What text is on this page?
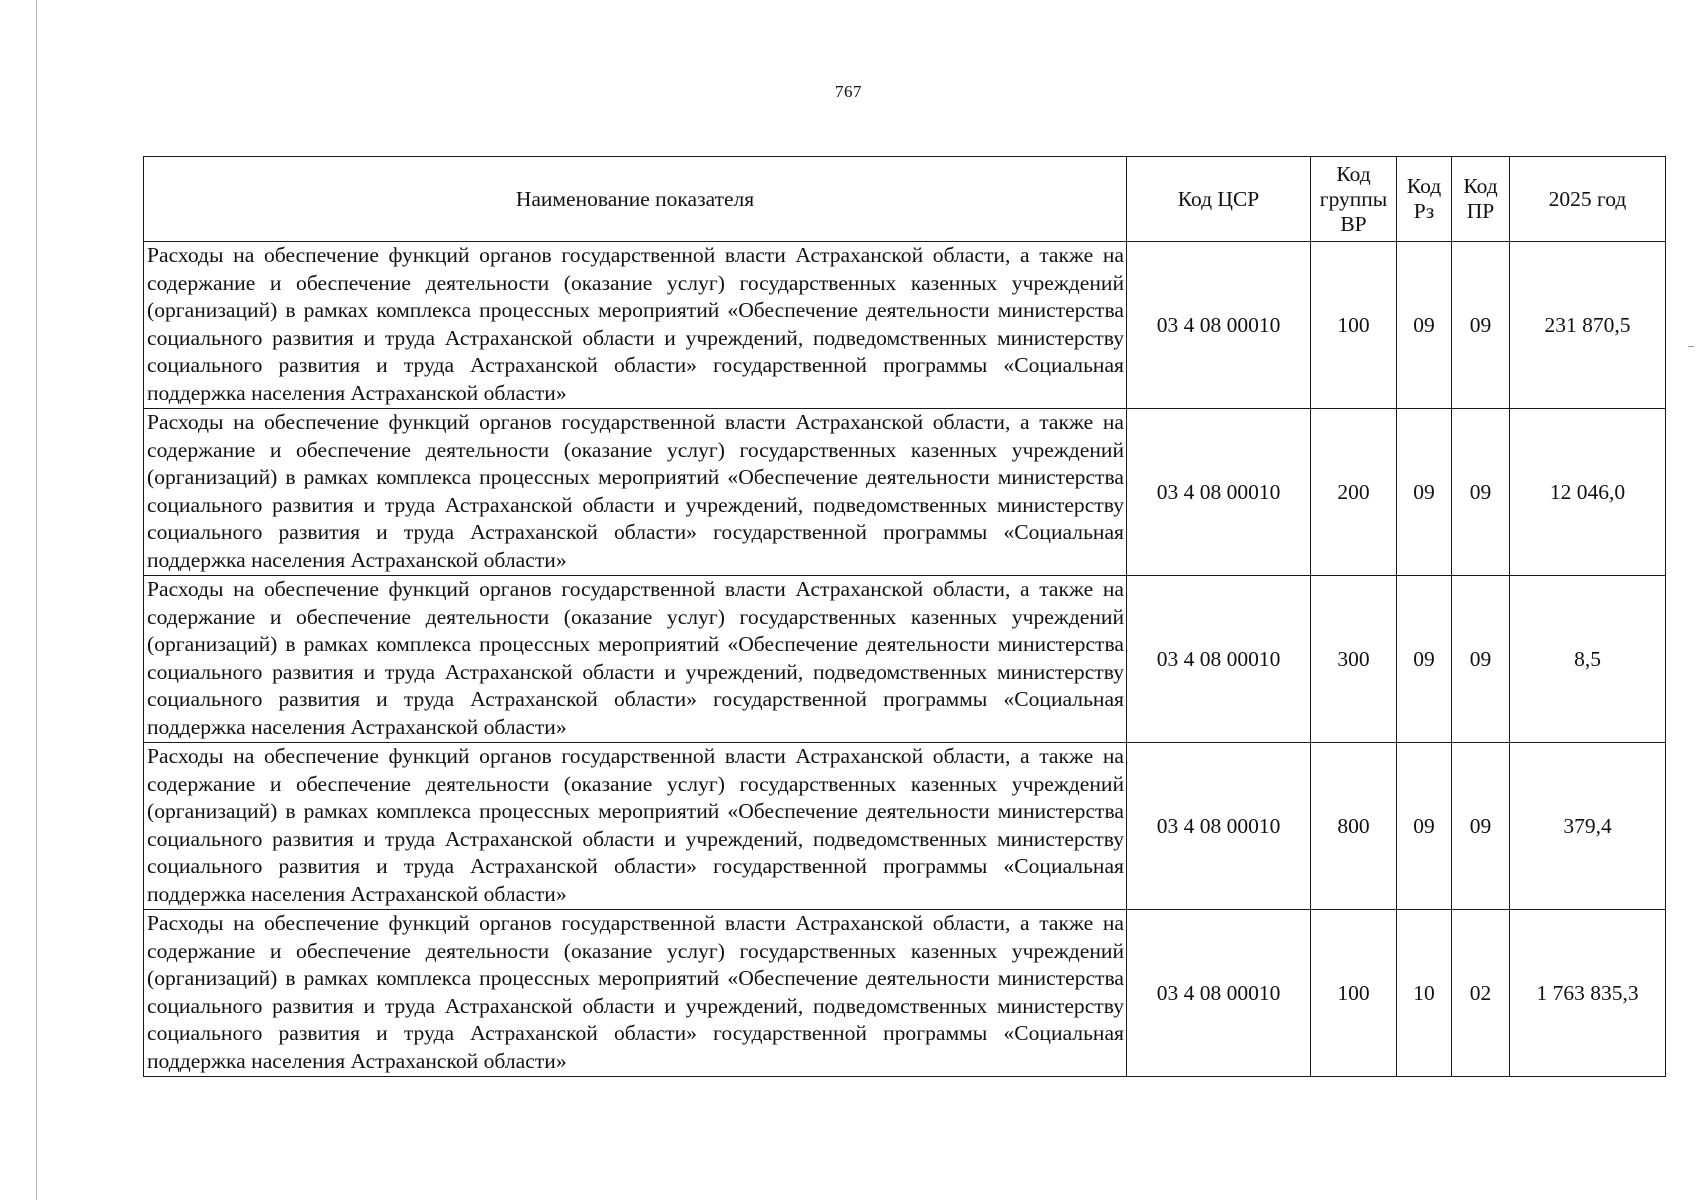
767
Наименование показателя	Код ЦСР	Код группы ВР	Код Рз	Код ПР	2025 год
Расходы на обеспечение функций органов государственной власти Астраханской области, а также на содержание и обеспечение деятельности (оказание услуг) государственных казенных учреждений (организаций) в рамках комплекса процессных мероприятий «Обеспечение деятельности министерства социального развития и труда Астраханской области и учреждений, подведомственных министерству социального развития и труда Астраханской области» государственной программы «Социальная поддержка населения Астраханской области»	03 4 08 00010	100	09	09	231 870,5
Расходы на обеспечение функций органов государственной власти Астраханской области, а также на содержание и обеспечение деятельности (оказание услуг) государственных казенных учреждений (организаций) в рамках комплекса процессных мероприятий «Обеспечение деятельности министерства социального развития и труда Астраханской области и учреждений, подведомственных министерству социального развития и труда Астраханской области» государственной программы «Социальная поддержка населения Астраханской области»	03 4 08 00010	200	09	09	12 046,0
Расходы на обеспечение функций органов государственной власти Астраханской области, а также на содержание и обеспечение деятельности (оказание услуг) государственных казенных учреждений (организаций) в рамках комплекса процессных мероприятий «Обеспечение деятельности министерства социального развития и труда Астраханской области и учреждений, подведомственных министерству социального развития и труда Астраханской области» государственной программы «Социальная поддержка населения Астраханской области»	03 4 08 00010	300	09	09	8,5
Расходы на обеспечение функций органов государственной власти Астраханской области, а также на содержание и обеспечение деятельности (оказание услуг) государственных казенных учреждений (организаций) в рамках комплекса процессных мероприятий «Обеспечение деятельности министерства социального развития и труда Астраханской области и учреждений, подведомственных министерству социального развития и труда Астраханской области» государственной программы «Социальная поддержка населения Астраханской области»	03 4 08 00010	800	09	09	379,4
Расходы на обеспечение функций органов государственной власти Астраханской области, а также на содержание и обеспечение деятельности (оказание услуг) государственных казенных учреждений (организаций) в рамках комплекса процессных мероприятий «Обеспечение деятельности министерства социального развития и труда Астраханской области и учреждений, подведомственных министерству социального развития и труда Астраханской области» государственной программы «Социальная поддержка населения Астраханской области»	03 4 08 00010	100	10	02	1 763 835,3
